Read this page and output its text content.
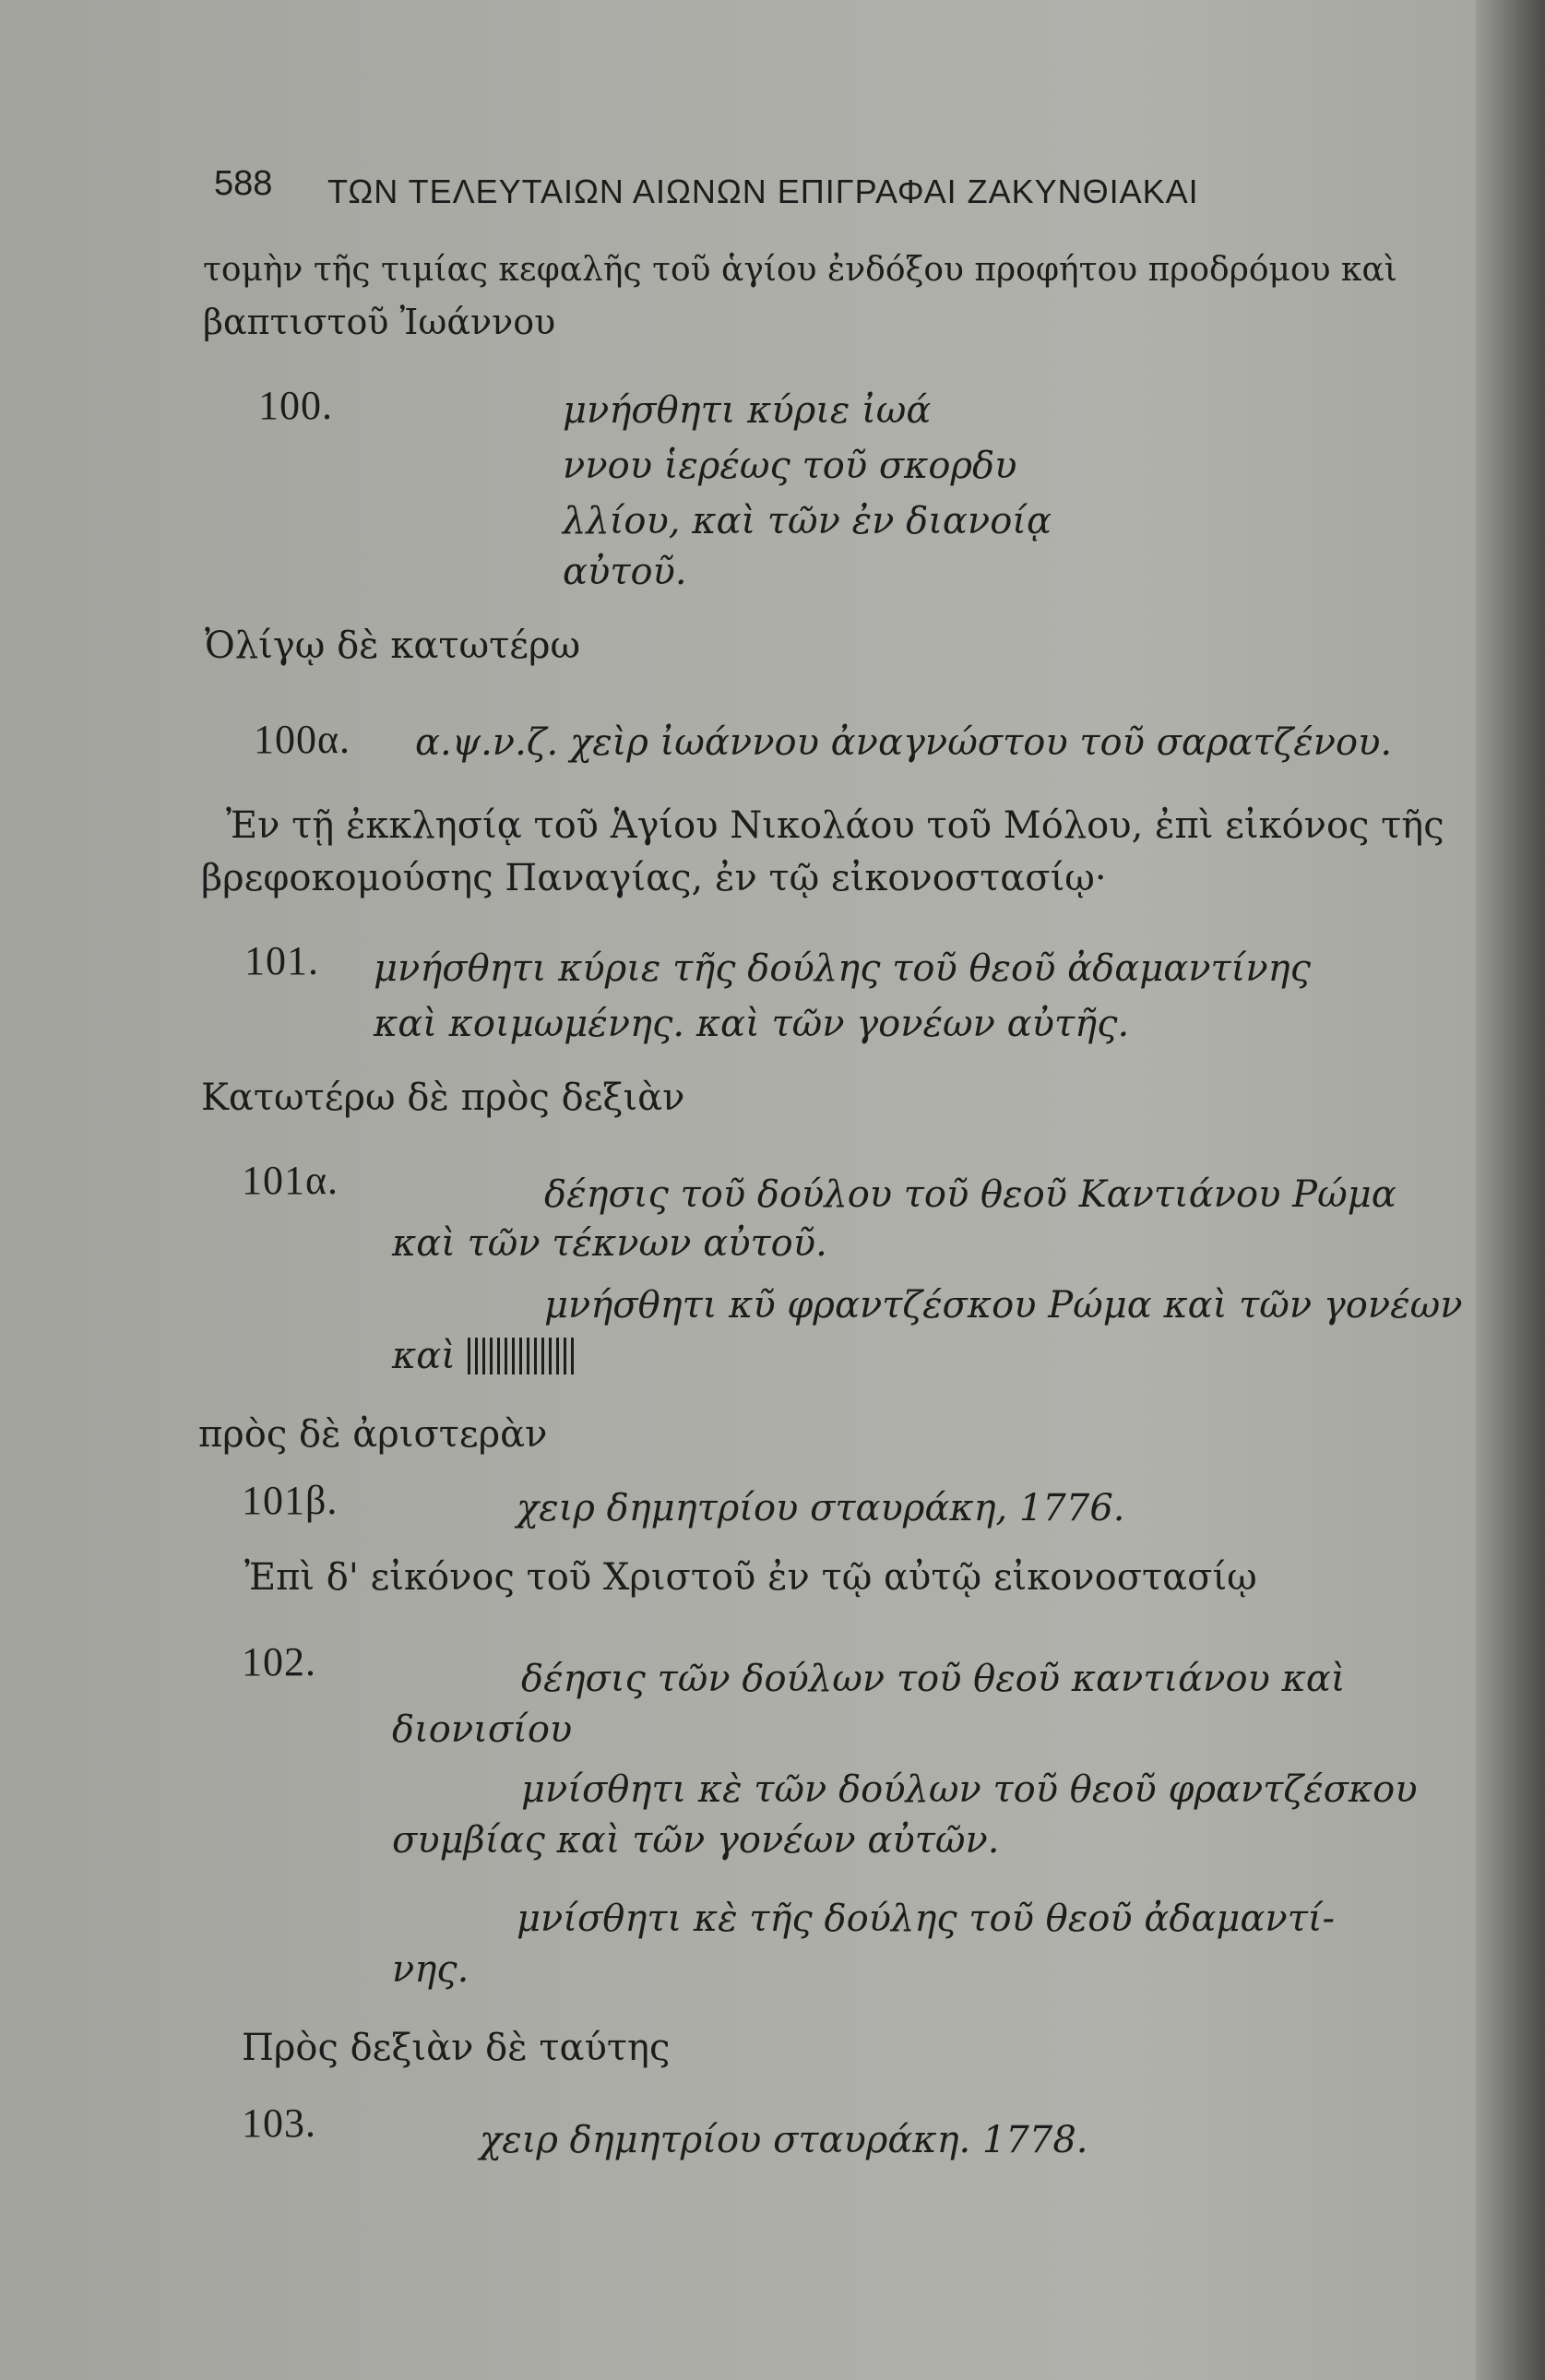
588 ΤΩΝ ΤΕΛΕΥΤΑΙΩΝ ΑΙΩΝΩΝ ΕΠΙΓΡΑΦΑΙ ΖΑΚΥΝΘΙΑΚΑΙ
τομὴν τῆς τιμίας κεφαλῆς τοῦ ἁγίου ἐνδόξου προφήτου προδρόμου καὶ
βαπτιστοῦ Ἰωάννου
100.	μνήσθητι κύριε ἰωά
ννου ἱερέως τοῦ σκορδυ
λλίου, καὶ τῶν ἐν διανοίᾳ
αὐτοῦ.
Ὀλίγῳ δὲ κατωτέρω
100α. α.ψ.ν.ζ. χεὶρ ἰωάννου ἀναγνώστου τοῦ σαρατζένου.
Ἐν τῇ ἐκκλησίᾳ τοῦ Ἁγίου Νικολάου τοῦ Μόλου, ἐπὶ εἰκόνος τῆς
βρεφοκομούσης Παναγίας, ἐν τῷ εἰκονοστασίῳ·
101. μνήσθητι κύριε τῆς δούλης τοῦ θεοῦ ἀδαμαντίνης
καὶ κοιμωμένης. καὶ τῶν γονέων αὐτῆς.
Κατωτέρω δὲ πρὸς δεξιὰν
101α.	δέησις τοῦ δούλου τοῦ θεοῦ Καντιάνου Ρώμα
καὶ τῶν τέκνων αὐτοῦ.
μνήσθητι κῦ φραντζέσκου Ρώμα καὶ τῶν γονέων
καὶ
πρὸς δὲ ἀριστερὰν
101β.	χειρ δημητρίου σταυράκη, 1776.
Ἐπὶ δ' εἰκόνος τοῦ Χριστοῦ ἐν τῷ αὐτῷ εἰκονοστασίῳ
102.	δέησις τῶν δούλων τοῦ θεοῦ καντιάνου καὶ
διονισίου
μνίσθητι κὲ τῶν δούλων τοῦ θεοῦ φραντζέσκου
συμβίας καὶ τῶν γονέων αὐτῶν.
μνίσθητι κὲ τῆς δούλης τοῦ θεοῦ ἀδαμαντί-
νης.
Πρὸς δεξιὰν δὲ ταύτης
103.	χειρ δημητρίου σταυράκη. 1778.
